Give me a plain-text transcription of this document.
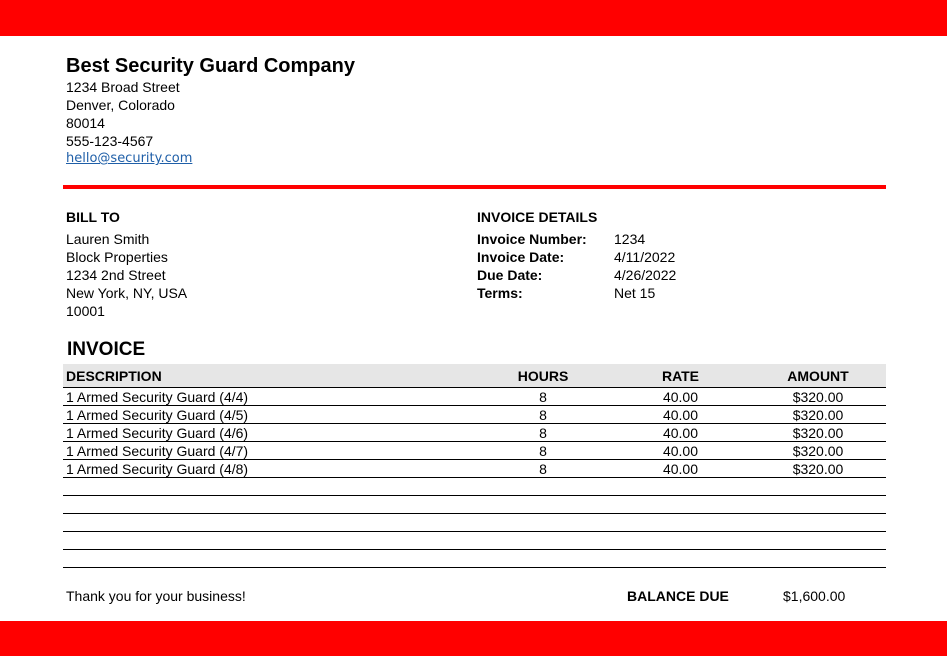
Best Security Guard Company
1234 Broad Street
Denver, Colorado
80014
555-123-4567
hello@security.com
BILL TO
Lauren Smith
Block Properties
1234 2nd Street
New York, NY, USA
10001
INVOICE DETAILS
Invoice Number:	1234
Invoice Date:	4/11/2022
Due Date:	4/26/2022
Terms:	Net 15
INVOICE
DESCRIPTION	HOURS	RATE	AMOUNT
1 Armed Security Guard (4/4)	8	40.00	$320.00
1 Armed Security Guard (4/5)	8	40.00	$320.00
1 Armed Security Guard (4/6)	8	40.00	$320.00
1 Armed Security Guard (4/7)	8	40.00	$320.00
1 Armed Security Guard (4/8)	8	40.00	$320.00
Thank you for your business!	BALANCE DUE	$1,600.00
